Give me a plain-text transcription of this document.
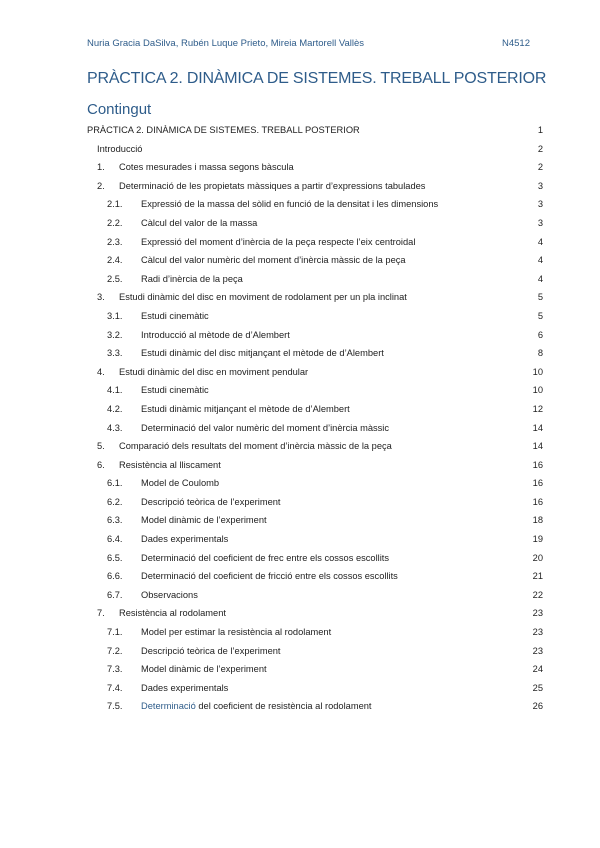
Nuria Gracia DaSilva, Rubén Luque Prieto, Mireia Martorell Vallès	N4512
PRÀCTICA 2. DINÀMICA DE SISTEMES. TREBALL POSTERIOR
Contingut
PRÀCTICA 2. DINÀMICA DE SISTEMES. TREBALL POSTERIOR	1
Introducció	2
1. Cotes mesurades i massa segons bàscula	2
2. Determinació de les propietats màssiques a partir d’expressions tabulades	3
2.1. Expressió de la massa del sòlid en funció de la densitat i les dimensions	3
2.2. Càlcul del valor de la massa	3
2.3. Expressió del moment d’inèrcia de la peça respecte l’eix centroidal	4
2.4. Càlcul del valor numèric del moment d’inèrcia màssic de la peça	4
2.5. Radi d’inèrcia de la peça	4
3. Estudi dinàmic del disc en moviment de rodolament per un pla inclinat	5
3.1. Estudi cinemàtic	5
3.2. Introducció al mètode de d’Alembert	6
3.3. Estudi dinàmic del disc mitjançant el mètode de d’Alembert	8
4. Estudi dinàmic del disc en moviment pendular	10
4.1. Estudi cinemàtic	10
4.2. Estudi dinàmic mitjançant el mètode de d’Alembert	12
4.3. Determinació del valor numèric del moment d’inèrcia màssic	14
5. Comparació dels resultats del moment d’inèrcia màssic de la peça	14
6. Resistència al lliscament	16
6.1. Model de Coulomb	16
6.2. Descripció teòrica de l’experiment	16
6.3. Model dinàmic de l’experiment	18
6.4. Dades experimentals	19
6.5. Determinació del coeficient de frec entre els cossos escollits	20
6.6. Determinació del coeficient de fricció entre els cossos escollits	21
6.7. Observacions	22
7. Resistència al rodolament	23
7.1. Model per estimar la resistència al rodolament	23
7.2. Descripció teòrica de l’experiment	23
7.3. Model dinàmic de l’experiment	24
7.4. Dades experimentals	25
7.5. Determinació del coeficient de resistència al rodolament	26
